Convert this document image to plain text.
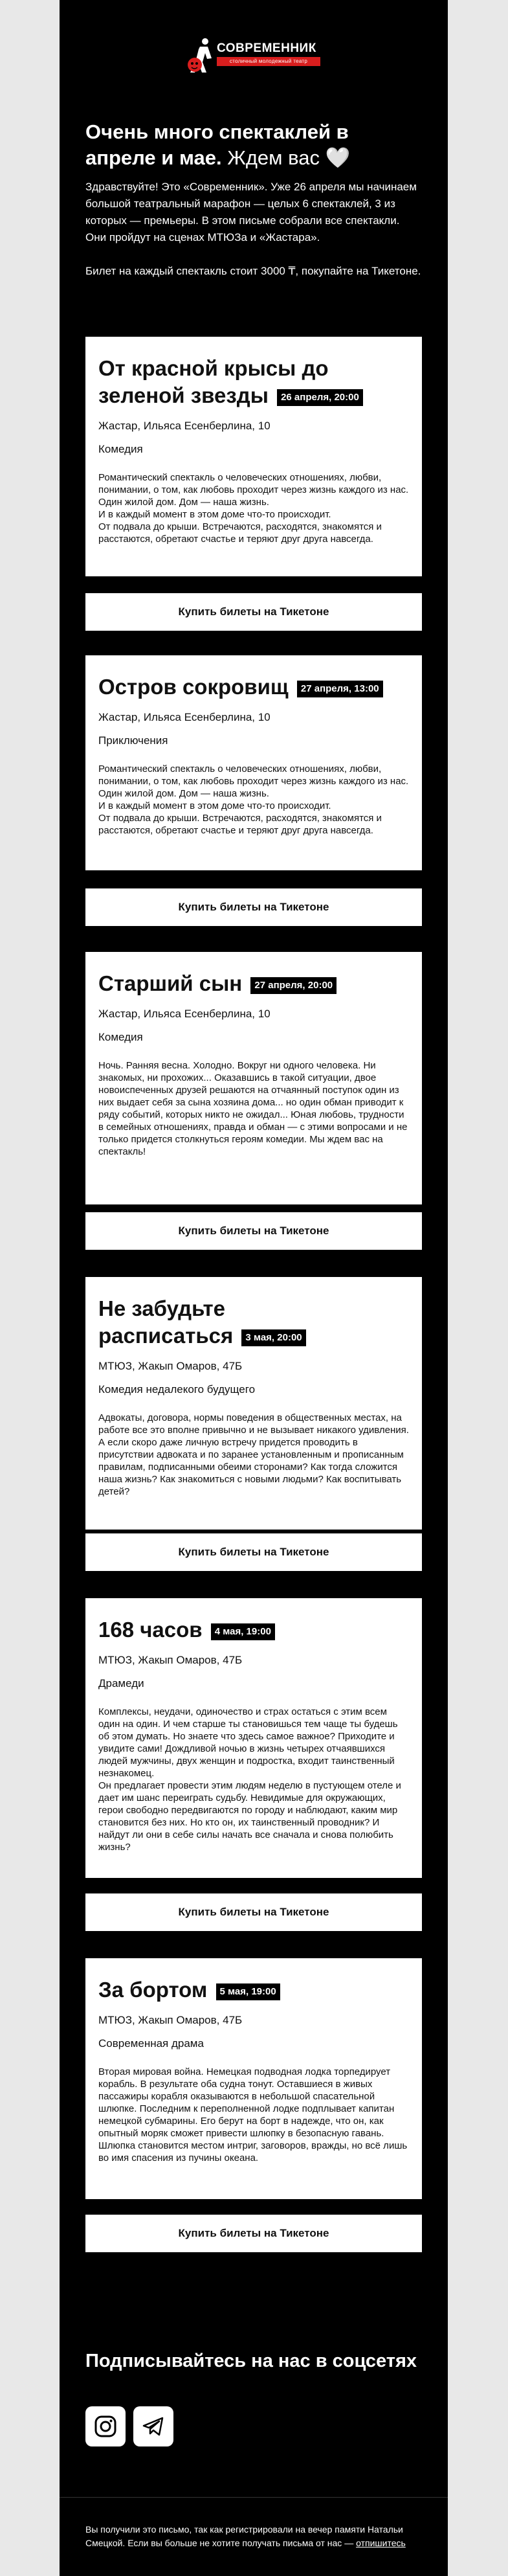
СОВРЕМЕННИК
столичный молодежный театр
Очень много спектаклей в апреле и мае. Ждем вас 🤍

Здравствуйте! Это «Современник». Уже 26 апреля мы начинаем большой театральный марафон — целых 6 спектаклей, 3 из которых — премьеры. В этом письме собрали все спектакли. Они пройдут на сценах МТЮЗа и «Жастара».

Билет на каждый спектакль стоит 3000 ₸, покупайте на Тикетоне.

От красной крысы до зеленой звезды 26 апреля, 20:00
Жастар, Ильяса Есенберлина, 10
Комедия
Романтический спектакль о человеческих отношениях, любви, понимании, о том, как любовь проходит через жизнь каждого из нас. Один жилой дом. Дом — наша жизнь.
И в каждый момент в этом доме что-то происходит.
От подвала до крыши. Встречаются, расходятся, знакомятся и расстаются, обретают счастье и теряют друг друга навсегда.
Купить билеты на Тикетоне
Остров сокровищ 27 апреля, 13:00
Жастар, Ильяса Есенберлина, 10
Приключения
Романтический спектакль о человеческих отношениях, любви, понимании, о том, как любовь проходит через жизнь каждого из нас. Один жилой дом. Дом — наша жизнь.
И в каждый момент в этом доме что-то происходит.
От подвала до крыши. Встречаются, расходятся, знакомятся и расстаются, обретают счастье и теряют друг друга навсегда.
Купить билеты на Тикетоне
Старший сын 27 апреля, 20:00
Жастар, Ильяса Есенберлина, 10
Комедия
Ночь. Ранняя весна. Холодно. Вокруг ни одного человека. Ни знакомых, ни прохожих... Оказавшись в такой ситуации, двое новоиспеченных друзей решаются на отчаянный поступок один из них выдает себя за сына хозяина дома... но один обман приводит к ряду событий, которых никто не ожидал... Юная любовь, трудности в семейных отношениях, правда и обман — с этими вопросами и не только придется столкнуться героям комедии. Мы ждем вас на спектакль!
Купить билеты на Тикетоне
Не забудьте расписаться 3 мая, 20:00
МТЮЗ, Жакып Омаров, 47Б
Комедия недалекого будущего
Адвокаты, договора, нормы поведения в общественных местах, на работе все это вполне привычно и не вызывает никакого удивления. А если скоро даже личную встречу придется проводить в присутствии адвоката и по заранее установленным и прописанным правилам, подписанными обеими сторонами? Как тогда сложится наша жизнь? Как знакомиться с новыми людьми? Как воспитывать детей?
Купить билеты на Тикетоне
168 часов 4 мая, 19:00
МТЮЗ, Жакып Омаров, 47Б
Драмеди
Комплексы, неудачи, одиночество и страх остаться с этим всем один на один. И чем старше ты становишься тем чаще ты будешь об этом думать. Но знаете что здесь самое важное? Приходите и увидите сами! Дождливой ночью в жизнь четырех отчаявшихся людей мужчины, двух женщин и подростка, входит таинственный незнакомец.
Он предлагает провести этим людям неделю в пустующем отеле и дает им шанс переиграть судьбу. Невидимые для окружающих, герои свободно передвигаются по городу и наблюдают, каким мир становится без них. Но кто он, их таинственный проводник? И найдут ли они в себе силы начать все сначала и снова полюбить жизнь?
Купить билеты на Тикетоне
За бортом 5 мая, 19:00
МТЮЗ, Жакып Омаров, 47Б
Современная драма
Вторая мировая война. Немецкая подводная лодка торпедирует корабль. В результате оба судна тонут. Оставшиеся в живых пассажиры корабля оказываются в небольшой спасательной шлюпке. Последним к переполненной лодке подплывает капитан немецкой субмарины. Его берут на борт в надежде, что он, как опытный моряк сможет привести шлюпку в безопасную гавань. Шлюпка становится местом интриг, заговоров, вражды, но всё лишь во имя спасения из пучины океана.
Купить билеты на Тикетоне
Подписывайтесь на нас в соцсетях
Вы получили это письмо, так как регистрировали на вечер памяти Натальи Смецкой. Если вы больше не хотите получать письма от нас — отпишитесь
